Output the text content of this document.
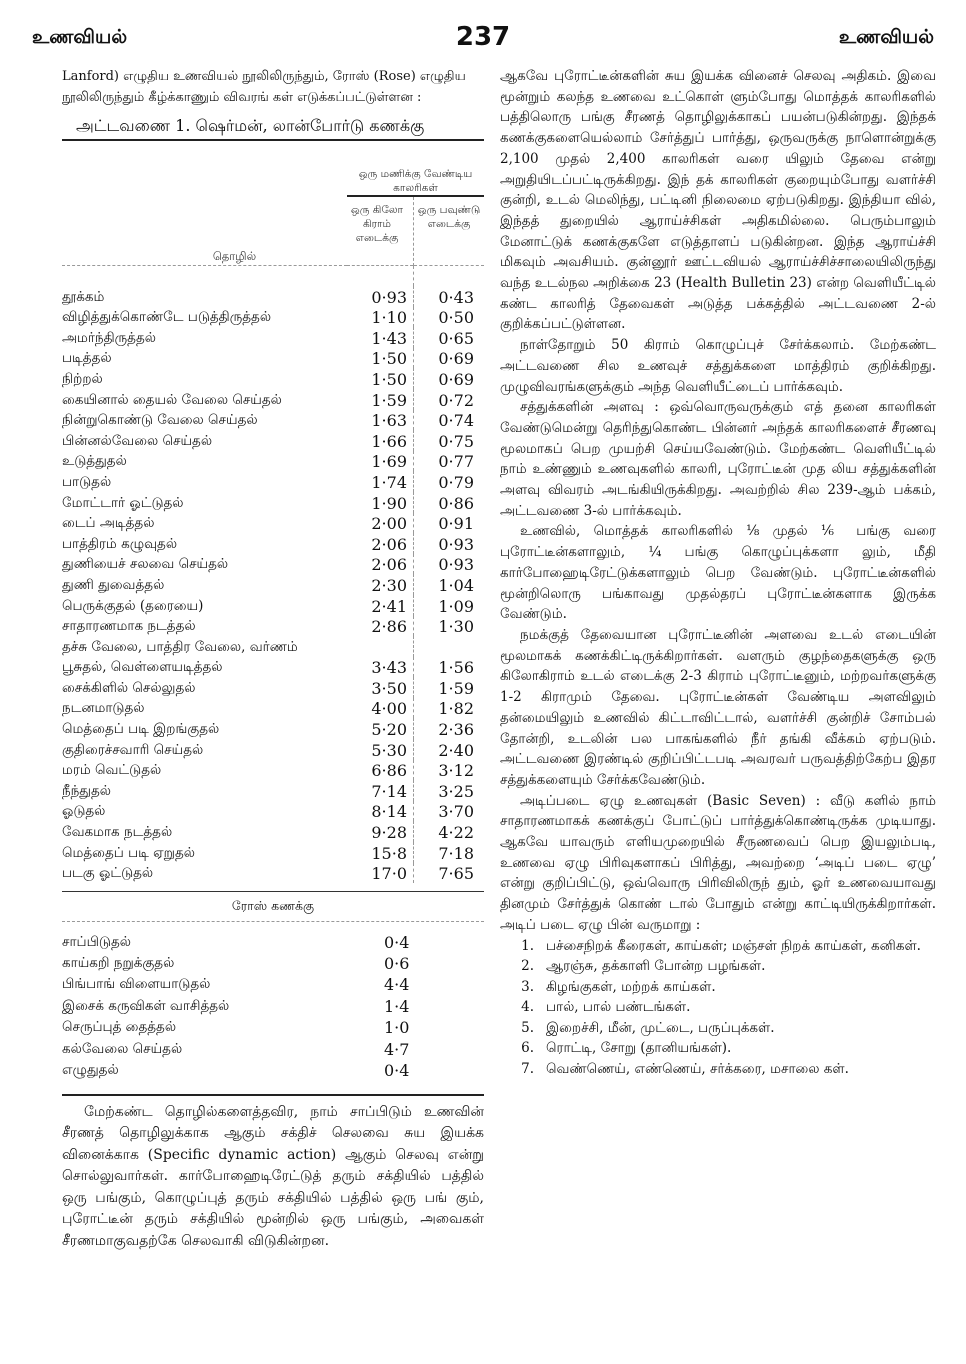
உணவியல்	237	உணவியல்

Lanford) எழுதிய உணவியல் நூலிலிருந்தும், ரோஸ் (Rose) எழுதிய நூலிலிருந்தும் கீழ்க்காணும் விவரங் கள் எடுக்கப்பட்டுள்ளன :

அட்டவணை 1. ஷெர்மன், லான்போர்டு கணக்கு
தொழில்	ஒரு மணிக்கு வேண்டிய காலரிகள்	
	ஒரு கிலோ கிராம் எடைக்கு	ஒரு பவுண்டு எடைக்கு

தூக்கம்	0·93	0·43
விழித்துக்கொண்டே படுத்திருத்தல்	1·10	0·50
அமர்ந்திருத்தல்	1·43	0·65
படித்தல்	1·50	0·69
நிற்றல்	1·50	0·69
கையினால் தையல் வேலை செய்தல்	1·59	0·72
நின்றுகொண்டு வேலை செய்தல்	1·63	0·74
பின்னல்வேலை செய்தல்	1·66	0·75
உடுத்துதல்	1·69	0·77
பாடுதல்	1·74	0·79
மோட்டார் ஓட்டுதல்	1·90	0·86
டைப் அடித்தல்	2·00	0·91
பாத்திரம் கழுவுதல்	2·06	0·93
துணியைச் சலவை செய்தல்	2·06	0·93
துணி துவைத்தல்	2·30	1·04
பெருக்குதல் (தரையை)	2·41	1·09
சாதாரணமாக நடத்தல்	2·86	1·30
தச்சு வேலை, பாத்திர வேலை, வர்ணம்		
பூசுதல், வெள்ளையடித்தல்	3·43	1·56
சைக்கிளில் செல்லுதல்	3·50	1·59
நடனமாடுதல்	4·00	1·82
மெத்தைப் படி இறங்குதல்	5·20	2·36
குதிரைச்சவாரி செய்தல்	5·30	2·40
மரம் வெட்டுதல்	6·86	3·12
நீந்துதல்	7·14	3·25
ஓடுதல்	8·14	3·70
வேகமாக நடத்தல்	9·28	4·22
மெத்தைப் படி ஏறுதல்	15·8	7·18
படகு ஓட்டுதல்	17·0	7·65
ரோஸ் கணக்கு
சாப்பிடுதல்	0·4
காய்கறி நறுக்குதல்	0·6
பிங்பாங் விளையாடுதல்	4·4
இசைக் கருவிகள் வாசித்தல்	1·4
செருப்புத் தைத்தல்	1·0
கல்வேலை செய்தல்	4·7
எழுதுதல்	0·4

மேற்கண்ட தொழில்களைத்தவிர, நாம் சாப்பிடும் உணவின் சீரணத் தொழிலுக்காக ஆகும் சக்திச் செலவை சுய இயக்க வினைக்காக (Specific dynamic action) ஆகும் செலவு என்று சொல்லுவார்கள். கார்போஹைடிரேட்டுத் தரும் சக்தியில் பத்தில் ஒரு பங்கும், கொழுப்புத் தரும் சக்தியில் பத்தில் ஒரு பங் கும், புரோட்டீன் தரும் சக்தியில் மூன்றில் ஒரு பங்கும், அவைகள் சீரணமாகுவதற்கே செலவாகி விடுகின்றன.

ஆகவே புரோட்டீன்களின் சுய இயக்க வினைச் செலவு அதிகம். இவை மூன்றும் கலந்த உணவை உட்கொள் ளும்போது மொத்தக் காலரிகளில் பத்திலொரு பங்கு சீரணத் தொழிலுக்காகப் பயன்படுகின்றது. இந்தக் கணக்குகளையெல்லாம் சேர்த்துப் பார்த்து, ஒருவருக்கு நாளொன்றுக்கு 2,100 முதல் 2,400 காலரிகள் வரை யிலும் தேவை என்று அறுதியிடப்பட்டிருக்கிறது. இந் தக் காலரிகள் குறையும்போது வளர்ச்சி குன்றி, உடல் மெலிந்து, பட்டினி நிலைமை ஏற்படுகிறது. இந்தியா வில், இந்தத் துறையில் ஆராய்ச்சிகள் அதிகமில்லை. பெரும்பாலும் மேனாட்டுக் கணக்குகளே எடுத்தாளப் படுகின்றன. இந்த ஆராய்ச்சி மிகவும் அவசியம். குன்னூர் ஊட்டவியல் ஆராய்ச்சிச்சாலையிலிருந்து வந்த உடல்நல அறிக்கை 23 (Health Bulletin 23) என்ற வெளியீட்டில் கண்ட காலரித் தேவைகள் அடுத்த பக்கத்தில் அட்டவணை 2-ல் குறிக்கப்பட்டுள்ளன.

நாள்தோறும் 50 கிராம் கொழுப்புச் சேர்க்கலாம். மேற்கண்ட அட்டவணை சில உணவுச் சத்துக்களை மாத்திரம் குறிக்கிறது. முழுவிவரங்களுக்கும் அந்த வெளியீட்டைப் பார்க்கவும்.

சத்துக்களின் அளவு : ஒவ்வொருவருக்கும் எத் தனை காலரிகள் வேண்டுமென்று தெரிந்துகொண்ட பின்னர் அந்தக் காலரிகளைச் சீரணவு மூலமாகப் பெற முயற்சி செய்யவேண்டும். மேற்கண்ட வெளியீட்டில் நாம் உண்ணும் உணவுகளில் காலரி, புரோட்டீன் முத லிய சத்துக்களின் அளவு விவரம் அடங்கியிருக்கிறது. அவற்றில் சில 239-ஆம் பக்கம், அட்டவணை 3-ல் பார்க்கவும்.

உணவில், மொத்தக் காலரிகளில் ⅛ முதல் ⅙ பங்கு வரை புரோட்டீன்களாலும், ¼ பங்கு கொழுப்புக்களா லும், மீதி கார்போஹைடிரேட்டுக்களாலும் பெற வேண்டும். புரோட்டீன்களில் மூன்றிலொரு பங்காவது முதல்தரப் புரோட்டீன்களாக இருக்க வேண்டும்.

நமக்குத் தேவையான புரோட்டீனின் அளவை உடல் எடையின் மூலமாகக் கணக்கிட்டிருக்கிறார்கள். வளரும் குழந்தைகளுக்கு ஒரு கிலோகிராம் உடல் எடைக்கு 2-3 கிராம் புரோட்டீனும், மற்றவர்களுக்கு 1-2 கிராமும் தேவை. புரோட்டீன்கள் வேண்டிய அளவிலும் தன்மையிலும் உணவில் கிட்டாவிட்டால், வளர்ச்சி குன்றிச் சோம்பல் தோன்றி, உடலின் பல பாகங்களில் நீர் தங்கி வீக்கம் ஏற்படும். அட்டவணை இரண்டில் குறிப்பிட்டபடி அவரவர் பருவத்திற்கேற்ப இதர சத்துக்களையும் சேர்க்கவேண்டும்.

அடிப்படை ஏழு உணவுகள் (Basic Seven) : வீடு களில் நாம் சாதாரணமாகக் கணக்குப் போட்டுப் பார்த்துக்கொண்டிருக்க முடியாது. ஆகவே யாவரும் எளியமுறையில் சீருணவைப் பெற இயலும்படி, உணவை ஏழு பிரிவுகளாகப் பிரித்து, அவற்றை ‘அடிப் படை ஏழு’ என்று குறிப்பிட்டு, ஒவ்வொரு பிரிவிலிருந் தும், ஓர் உணவையாவது தினமும் சேர்த்துக் கொண் டால் போதும் என்று காட்டியிருக்கிறார்கள். அடிப் படை ஏழு பின் வருமாறு :

1. பச்சைநிறக் கீரைகள், காய்கள்; மஞ்சள் நிறக் காய்கள், கனிகள்.
2. ஆரஞ்சு, தக்காளி போன்ற பழங்கள்.
3. கிழங்குகள், மற்றக் காய்கள்.
4. பால், பால் பண்டங்கள்.
5. இறைச்சி, மீன், முட்டை, பருப்புக்கள்.
6. ரொட்டி, சோறு (தானியங்கள்).
7. வெண்ணெய், எண்ணெய், சர்க்கரை, மசாலை கள்.
